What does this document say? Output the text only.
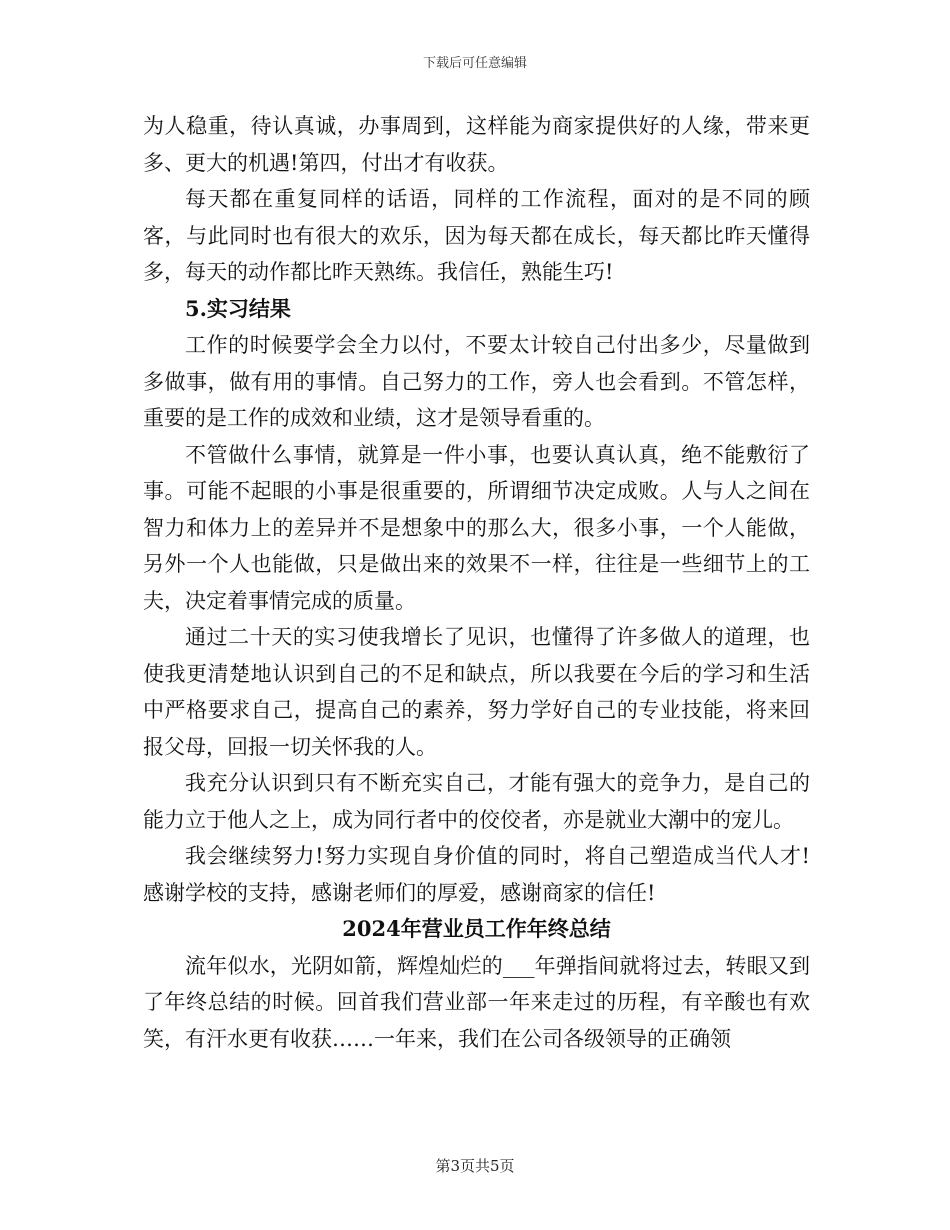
下载后可任意编辑

为人稳重，待认真诚，办事周到，这样能为商家提供好的人缘，带来更多、更大的机遇!第四，付出才有收获。

每天都在重复同样的话语，同样的工作流程，面对的是不同的顾客，与此同时也有很大的欢乐，因为每天都在成长，每天都比昨天懂得多，每天的动作都比昨天熟练。我信任，熟能生巧!

5.实习结果

工作的时候要学会全力以付，不要太计较自己付出多少，尽量做到多做事，做有用的事情。自己努力的工作，旁人也会看到。不管怎样，重要的是工作的成效和业绩，这才是领导看重的。

不管做什么事情，就算是一件小事，也要认真认真，绝不能敷衍了事。可能不起眼的小事是很重要的，所谓细节决定成败。人与人之间在智力和体力上的差异并不是想象中的那么大，很多小事，一个人能做，另外一个人也能做，只是做出来的效果不一样，往往是一些细节上的工夫，决定着事情完成的质量。

通过二十天的实习使我增长了见识，也懂得了许多做人的道理，也使我更清楚地认识到自己的不足和缺点，所以我要在今后的学习和生活中严格要求自己，提高自己的素养，努力学好自己的专业技能，将来回报父母，回报一切关怀我的人。

我充分认识到只有不断充实自己，才能有强大的竞争力，是自己的能力立于他人之上，成为同行者中的佼佼者，亦是就业大潮中的宠儿。

我会继续努力!努力实现自身价值的同时，将自己塑造成当代人才!感谢学校的支持，感谢老师们的厚爱，感谢商家的信任!

2024年营业员工作年终总结

流年似水，光阴如箭，辉煌灿烂的___年弹指间就将过去，转眼又到了年终总结的时候。回首我们营业部一年来走过的历程，有辛酸也有欢笑，有汗水更有收获……一年来，我们在公司各级领导的正确领

第3页共5页
